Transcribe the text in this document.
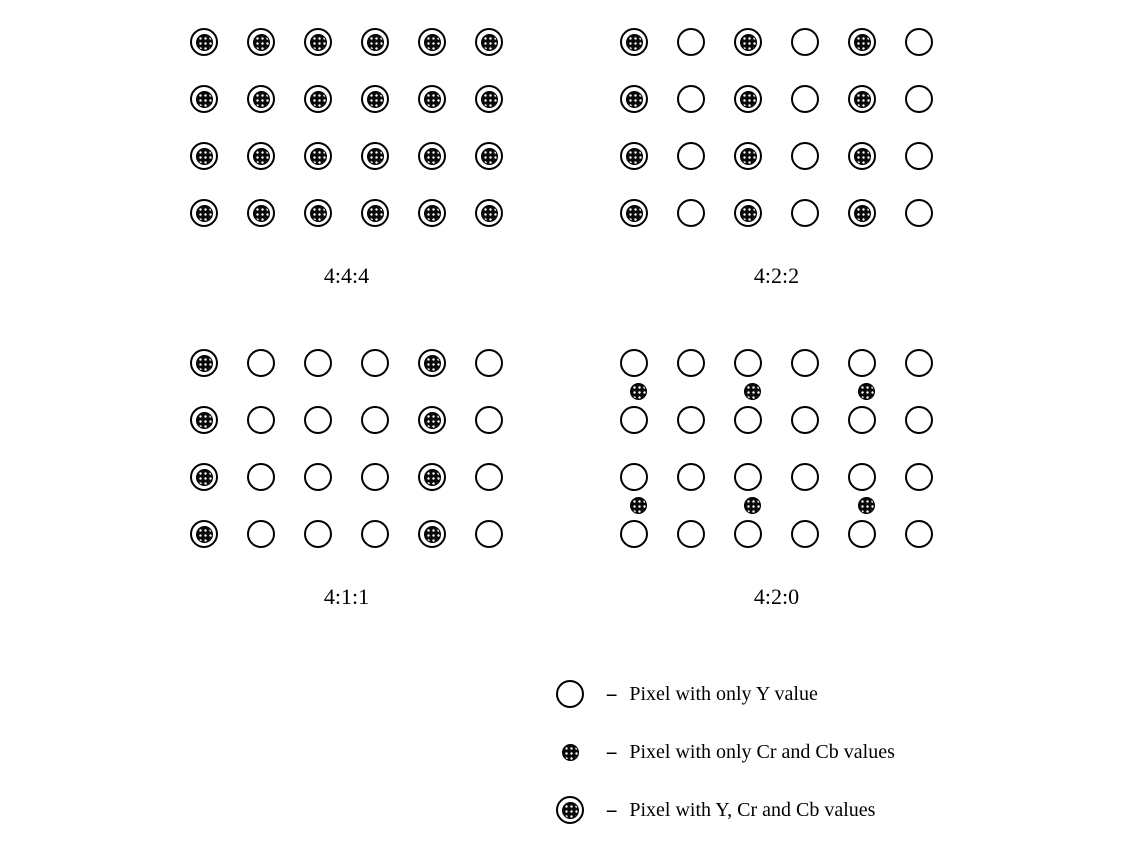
4:4:4	4:2:2
4:1:1	4:2:0
-- Pixel with only Y value
-- Pixel with only Cr and Cb values
-- Pixel with Y, Cr and Cb values
